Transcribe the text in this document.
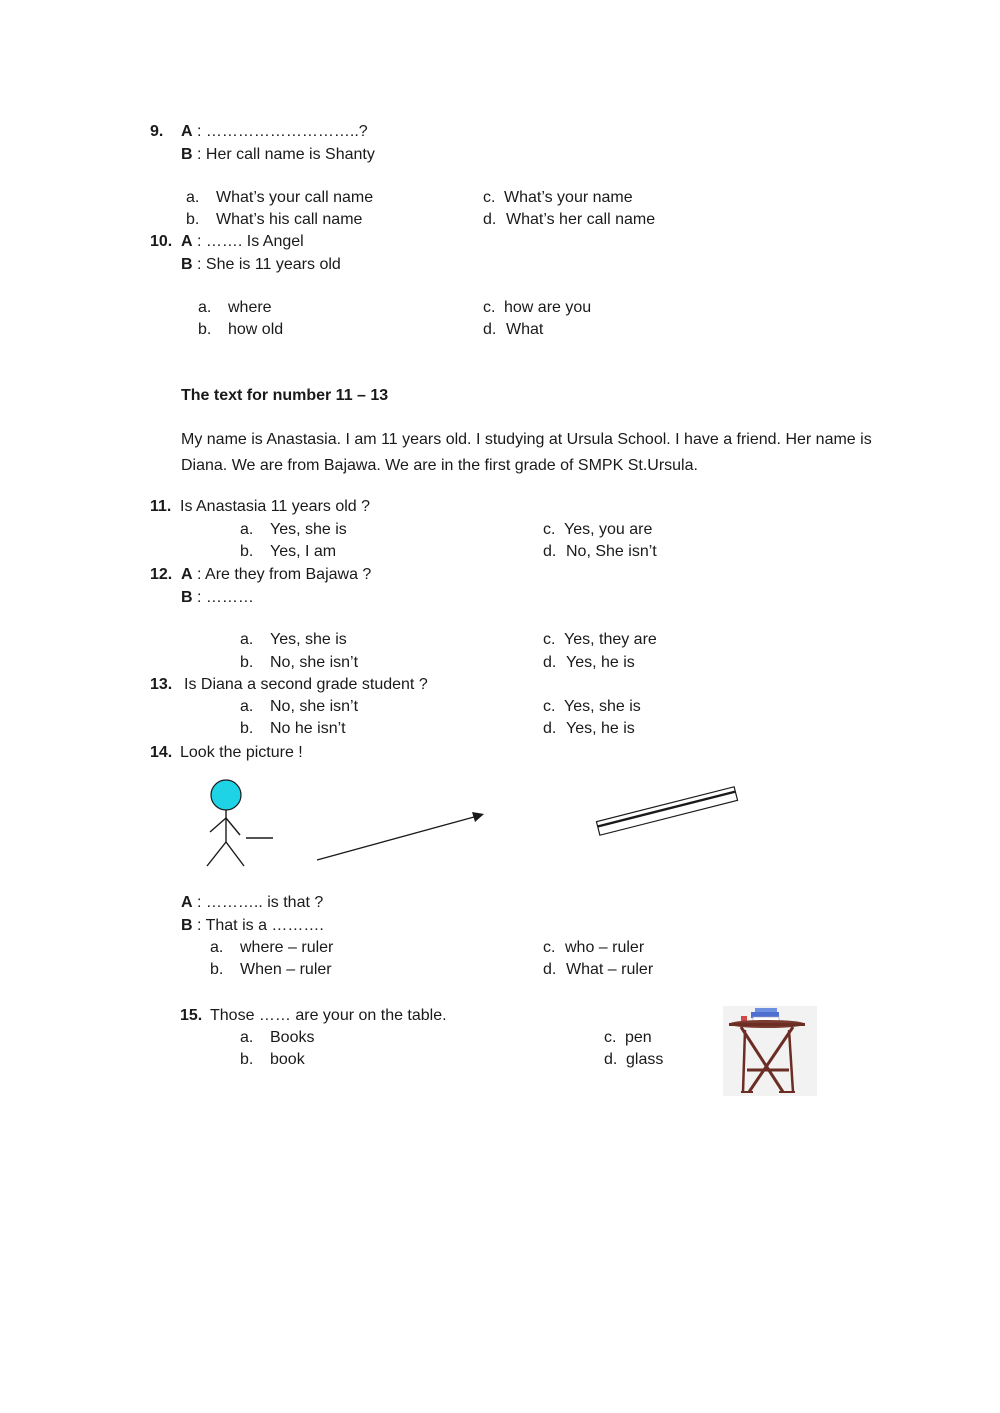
9. A : ………………………..?
B : Her call name is Shanty
a. What’s your call name
b. What’s his call name
c. What’s your name
d. What’s her call name
10. A : ……. Is Angel
B : She is 11 years old
a. where
b. how old
c. how are you
d. What
The text for number 11 – 13
My name is Anastasia. I am 11 years old. I studying at Ursula School. I have a friend. Her name is Diana. We are from Bajawa. We are in the first grade of SMPK St.Ursula.
11. Is Anastasia 11 years old ?
a. Yes, she is
b. Yes, I am
c. Yes, you are
d. No, She isn’t
12. A : Are they from Bajawa ?
B : ………
a. Yes, she is
b. No, she isn’t
c. Yes, they are
d. Yes, he is
13. Is Diana a second grade student ?
a. No, she isn’t
b. No he isn’t
c. Yes, she is
d. Yes, he is
14. Look the picture !
A : ……….. is that ?
B : That is a ……….
a. where – ruler
b. When – ruler
c. who – ruler
d. What – ruler
15. Those …… are your on the table.
a. Books
b. book
c. pen
d. glass
